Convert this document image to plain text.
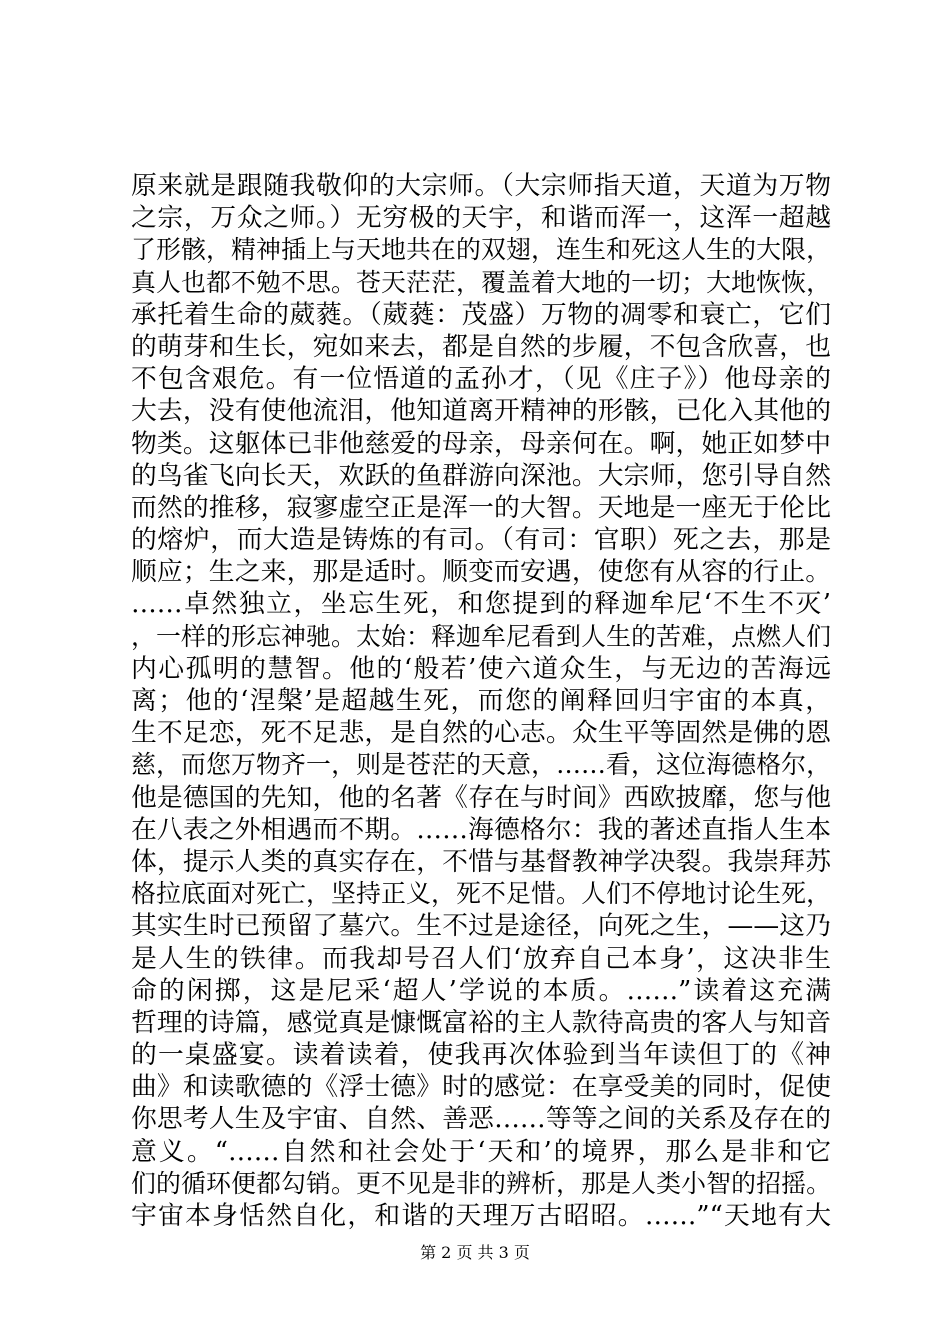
原来就是跟随我敬仰的大宗师。（大宗师指天道，天道为万物
之宗，万众之师。）无穷极的天宇，和谐而浑一，这浑一超越
了形骸，精神插上与天地共在的双翅，连生和死这人生的大限，
真人也都不勉不思。苍天茫茫，覆盖着大地的一切；大地恢恢，
承托着生命的葳蕤。（葳蕤：茂盛）万物的凋零和衰亡，它们
的萌芽和生长，宛如来去，都是自然的步履，不包含欣喜，也
不包含艰危。有一位悟道的孟孙才，（见《庄子》）他母亲的
大去，没有使他流泪，他知道离开精神的形骸，已化入其他的
物类。这躯体已非他慈爱的母亲，母亲何在。啊，她正如梦中
的鸟雀飞向长天，欢跃的鱼群游向深池。大宗师，您引导自然
而然的推移，寂寥虚空正是浑一的大智。天地是一座无于伦比
的熔炉，而大造是铸炼的有司。（有司：官职）死之去，那是
顺应；生之来，那是适时。顺变而安遇，使您有从容的行止。
……卓然独立，坐忘生死，和您提到的释迦牟尼‘不生不灭’
，一样的形忘神驰。太始：释迦牟尼看到人生的苦难，点燃人们
内心孤明的慧智。他的‘般若’使六道众生，与无边的苦海远
离；他的‘涅槃’是超越生死，而您的阐释回归宇宙的本真，
生不足恋，死不足悲，是自然的心志。众生平等固然是佛的恩
慈，而您万物齐一，则是苍茫的天意，……看，这位海德格尔，
他是德国的先知，他的名著《存在与时间》西欧披靡，您与他
在八表之外相遇而不期。……海德格尔：我的著述直指人生本
体，提示人类的真实存在，不惜与基督教神学决裂。我崇拜苏
格拉底面对死亡，坚持正义，死不足惜。人们不停地讨论生死，
其实生时已预留了墓穴。生不过是途径，向死之生，——这乃
是人生的铁律。而我却号召人们‘放弃自己本身’，这决非生
命的闲掷，这是尼采‘超人’学说的本质。……”读着这充满
哲理的诗篇，感觉真是慷慨富裕的主人款待高贵的客人与知音
的一桌盛宴。读着读着，使我再次体验到当年读但丁的《神
曲》和读歌德的《浮士德》时的感觉：在享受美的同时，促使
你思考人生及宇宙、自然、善恶……等等之间的关系及存在的
意义。“……自然和社会处于‘天和’的境界，那么是非和它
们的循环便都勾销。更不见是非的辨析，那是人类小智的招摇。
宇宙本身恬然自化，和谐的天理万古昭昭。……”“天地有大
第 2 页 共 3 页
